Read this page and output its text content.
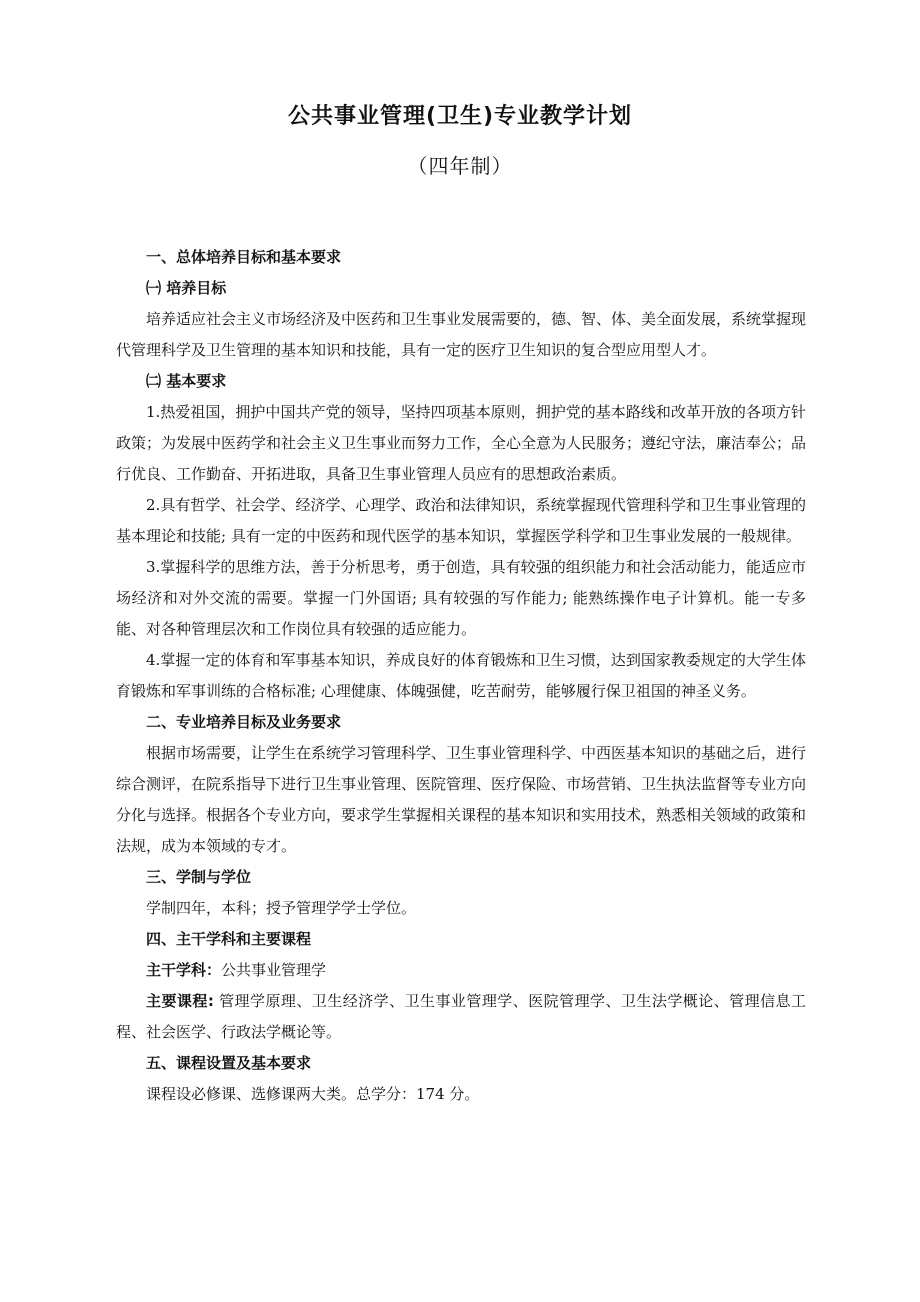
公共事业管理(卫生)专业教学计划
（四年制）

一、总体培养目标和基本要求

㈠ 培养目标

培养适应社会主义市场经济及中医药和卫生事业发展需要的，德、智、体、美全面发展，系统掌握现代管理科学及卫生管理的基本知识和技能，具有一定的医疗卫生知识的复合型应用型人才。

㈡ 基本要求

1.热爱祖国，拥护中国共产党的领导，坚持四项基本原则，拥护党的基本路线和改革开放的各项方针政策；为发展中医药学和社会主义卫生事业而努力工作，全心全意为人民服务；遵纪守法，廉洁奉公；品行优良、工作勤奋、开拓进取，具备卫生事业管理人员应有的思想政治素质。

2.具有哲学、社会学、经济学、心理学、政治和法律知识，系统掌握现代管理科学和卫生事业管理的基本理论和技能; 具有一定的中医药和现代医学的基本知识，掌握医学科学和卫生事业发展的一般规律。

3.掌握科学的思维方法，善于分析思考，勇于创造，具有较强的组织能力和社会活动能力，能适应市场经济和对外交流的需要。掌握一门外国语; 具有较强的写作能力; 能熟练操作电子计算机。能一专多能、对各种管理层次和工作岗位具有较强的适应能力。

4.掌握一定的体育和军事基本知识，养成良好的体育锻炼和卫生习惯，达到国家教委规定的大学生体育锻炼和军事训练的合格标准; 心理健康、体魄强健，吃苦耐劳，能够履行保卫祖国的神圣义务。

二、专业培养目标及业务要求

根据市场需要，让学生在系统学习管理科学、卫生事业管理科学、中西医基本知识的基础之后，进行综合测评，在院系指导下进行卫生事业管理、医院管理、医疗保险、市场营销、卫生执法监督等专业方向分化与选择。根据各个专业方向，要求学生掌握相关课程的基本知识和实用技术，熟悉相关领域的政策和法规，成为本领域的专才。

三、学制与学位

学制四年，本科；授予管理学学士学位。

四、主干学科和主要课程

主干学科：公共事业管理学

主要课程: 管理学原理、卫生经济学、卫生事业管理学、医院管理学、卫生法学概论、管理信息工程、社会医学、行政法学概论等。

五、课程设置及基本要求

课程设必修课、选修课两大类。总学分：174 分。
